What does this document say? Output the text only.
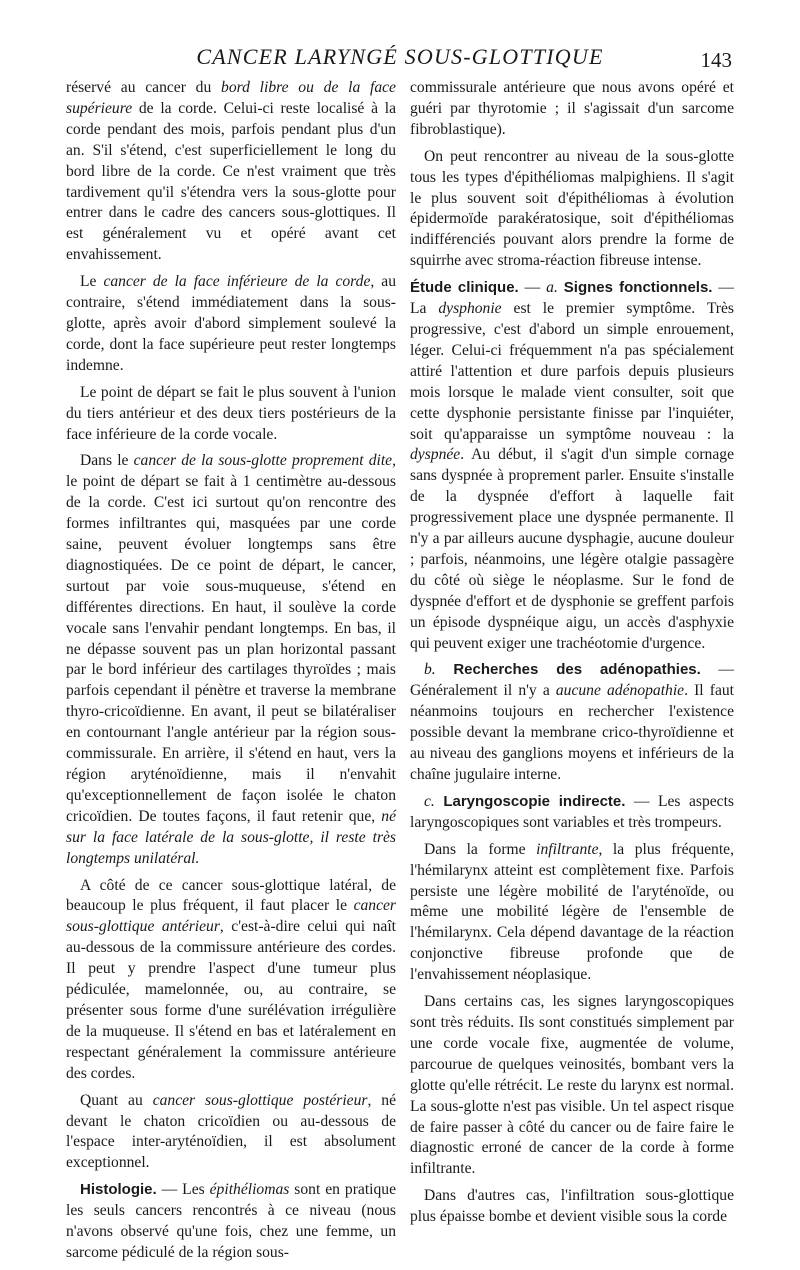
CANCER LARYNGÉ SOUS-GLOTTIQUE	143

réservé au cancer du bord libre ou de la face supérieure de la corde. Celui-ci reste localisé à la corde pendant des mois, parfois pendant plus d'un an. S'il s'étend, c'est superficiellement le long du bord libre de la corde. Ce n'est vraiment que très tardivement qu'il s'étendra vers la sous-glotte pour entrer dans le cadre des cancers sous-glottiques. Il est généralement vu et opéré avant cet envahissement.

Le cancer de la face inférieure de la corde, au contraire, s'étend immédiatement dans la sous-glotte, après avoir d'abord simplement soulevé la corde, dont la face supérieure peut rester longtemps indemne.

Le point de départ se fait le plus souvent à l'union du tiers antérieur et des deux tiers postérieurs de la face inférieure de la corde vocale.

Dans le cancer de la sous-glotte proprement dite, le point de départ se fait à 1 centimètre au-dessous de la corde. C'est ici surtout qu'on rencontre des formes infiltrantes qui, masquées par une corde saine, peuvent évoluer longtemps sans être diagnostiquées. De ce point de départ, le cancer, surtout par voie sous-muqueuse, s'étend en différentes directions. En haut, il soulève la corde vocale sans l'envahir pendant longtemps. En bas, il ne dépasse souvent pas un plan horizontal passant par le bord inférieur des cartilages thyroïdes ; mais parfois cependant il pénètre et traverse la membrane thyro-cricoïdienne. En avant, il peut se bilatéraliser en contournant l'angle antérieur par la région sous-commissurale. En arrière, il s'étend en haut, vers la région aryténoïdienne, mais il n'envahit qu'exceptionnellement de façon isolée le chaton cricoïdien. De toutes façons, il faut retenir que, né sur la face latérale de la sous-glotte, il reste très longtemps unilatéral.

A côté de ce cancer sous-glottique latéral, de beaucoup le plus fréquent, il faut placer le cancer sous-glottique antérieur, c'est-à-dire celui qui naît au-dessous de la commissure antérieure des cordes. Il peut y prendre l'aspect d'une tumeur plus pédiculée, mamelonnée, ou, au contraire, se présenter sous forme d'une surélévation irrégulière de la muqueuse. Il s'étend en bas et latéralement en respectant généralement la commissure antérieure des cordes.

Quant au cancer sous-glottique postérieur, né devant le chaton cricoïdien ou au-dessous de l'espace inter-aryténoïdien, il est absolument exceptionnel.

Histologie. — Les épithéliomas sont en pratique les seuls cancers rencontrés à ce niveau (nous n'avons observé qu'une fois, chez une femme, un sarcome pédiculé de la région sous-

commissurale antérieure que nous avons opéré et guéri par thyrotomie ; il s'agissait d'un sarcome fibroblastique).

On peut rencontrer au niveau de la sous-glotte tous les types d'épithéliomas malpighiens. Il s'agit le plus souvent soit d'épithéliomas à évolution épidermoïde parakératosique, soit d'épithéliomas indifférenciés pouvant alors prendre la forme de squirrhe avec stroma-réaction fibreuse intense.

Étude clinique. — a. Signes fonctionnels. — La dysphonie est le premier symptôme. Très progressive, c'est d'abord un simple enrouement, léger. Celui-ci fréquemment n'a pas spécialement attiré l'attention et dure parfois depuis plusieurs mois lorsque le malade vient consulter, soit que cette dysphonie persistante finisse par l'inquiéter, soit qu'apparaisse un symptôme nouveau : la dyspnée. Au début, il s'agit d'un simple cornage sans dyspnée à proprement parler. Ensuite s'installe de la dyspnée d'effort à laquelle fait progressivement place une dyspnée permanente. Il n'y a par ailleurs aucune dysphagie, aucune douleur ; parfois, néanmoins, une légère otalgie passagère du côté où siège le néoplasme. Sur le fond de dyspnée d'effort et de dysphonie se greffent parfois un épisode dyspnéique aigu, un accès d'asphyxie qui peuvent exiger une trachéotomie d'urgence.

b. Recherches des adénopathies. — Généralement il n'y a aucune adénopathie. Il faut néanmoins toujours en rechercher l'existence possible devant la membrane crico-thyroïdienne et au niveau des ganglions moyens et inférieurs de la chaîne jugulaire interne.

c. Laryngoscopie indirecte. — Les aspects laryngoscopiques sont variables et très trompeurs.

Dans la forme infiltrante, la plus fréquente, l'hémilarynx atteint est complètement fixe. Parfois persiste une légère mobilité de l'aryténoïde, ou même une mobilité légère de l'ensemble de l'hémilarynx. Cela dépend davantage de la réaction conjonctive fibreuse profonde que de l'envahissement néoplasique.

Dans certains cas, les signes laryngoscopiques sont très réduits. Ils sont constitués simplement par une corde vocale fixe, augmentée de volume, parcourue de quelques veinosités, bombant vers la glotte qu'elle rétrécit. Le reste du larynx est normal. La sous-glotte n'est pas visible. Un tel aspect risque de faire passer à côté du cancer ou de faire faire le diagnostic erroné de cancer de la corde à forme infiltrante.

Dans d'autres cas, l'infiltration sous-glottique plus épaisse bombe et devient visible sous la corde
